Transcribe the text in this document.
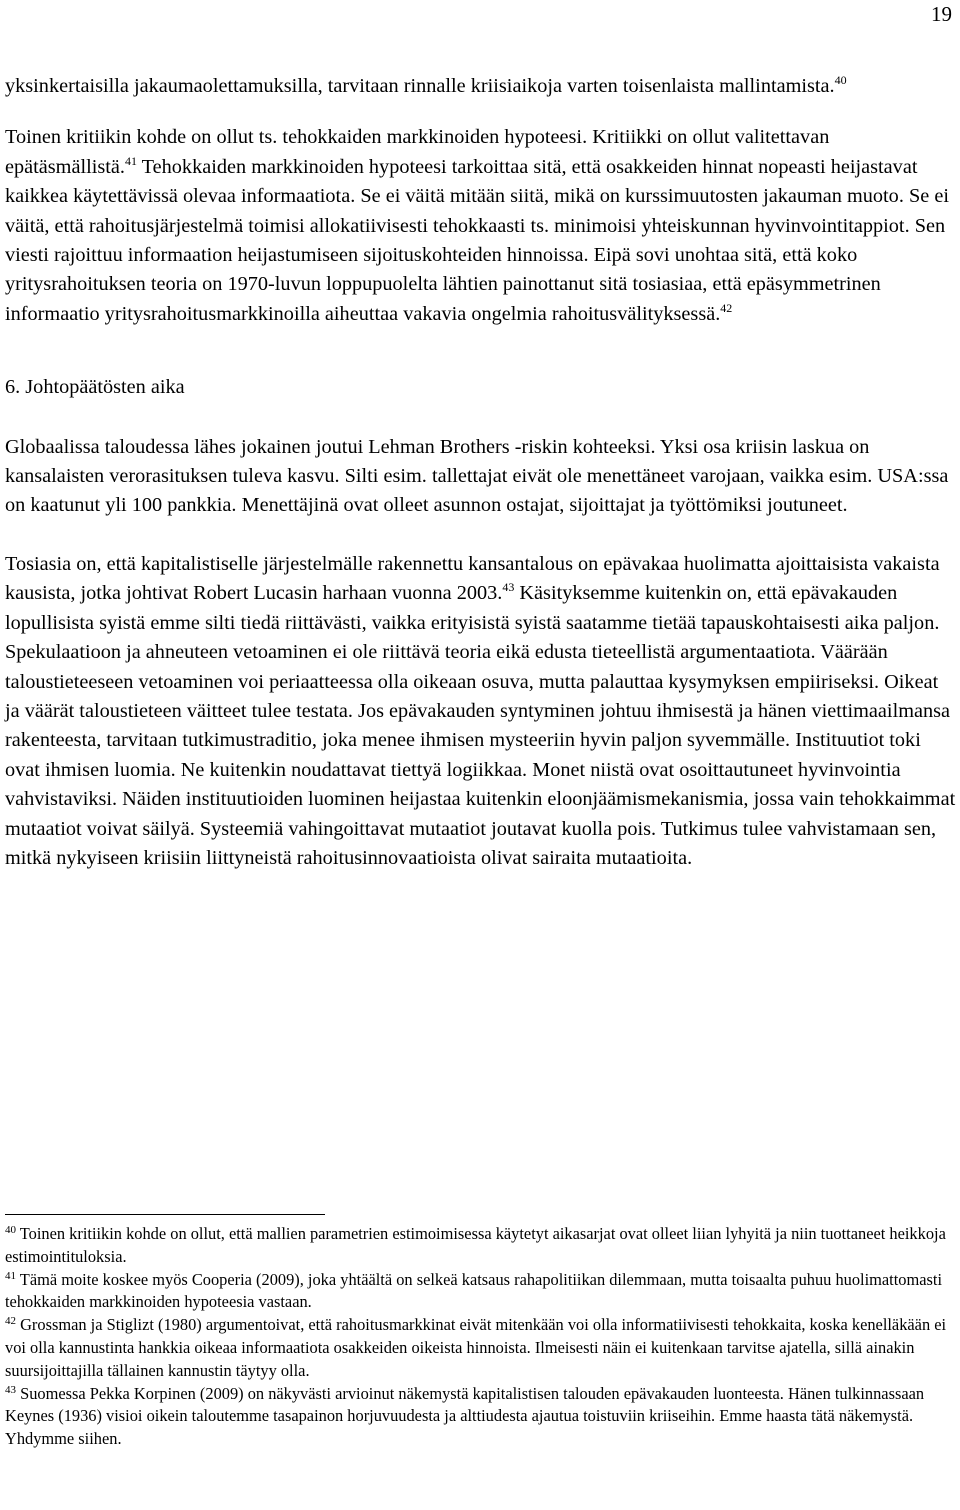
19

yksinkertaisilla jakaumaolettamuksilla, tarvitaan rinnalle kriisiaikoja varten toisenlaista mallintamista.$^{40}$

Toinen kritiikin kohde on ollut ts. tehokkaiden markkinoiden hypoteesi. Kritiikki on ollut valitettavan epätäsmällistä.$^{41}$ Tehokkaiden markkinoiden hypoteesi tarkoittaa sitä, että osakkeiden hinnat nopeasti heijastavat kaikkea käytettävissä olevaa informaatiota. Se ei väitä mitään siitä, mikä on kurssimuutosten jakauman muoto. Se ei väitä, että rahoitusjärjestelmä toimisi allokatiivisesti tehokkaasti ts. minimoisi yhteiskunnan hyvinvointitappiot. Sen viesti rajoittuu informaation heijastumiseen sijoituskohteiden hinnoissa. Eipä sovi unohtaa sitä, että koko yritysrahoituksen teoria on 1970-luvun loppupuolelta lähtien painottanut sitä tosiasiaa, että epäsymmetrinen informaatio yritysrahoitusmarkkinoilla aiheuttaa vakavia ongelmia rahoitusvälityksessä.$^{42}$

6. Johtopäätösten aika

Globaalissa taloudessa lähes jokainen joutui Lehman Brothers -riskin kohteeksi. Yksi osa kriisin laskua on kansalaisten verorasituksen tuleva kasvu. Silti esim. tallettajat eivät ole menettäneet varojaan, vaikka esim. USA:ssa on kaatunut yli 100 pankkia. Menettäjinä ovat olleet asunnon ostajat, sijoittajat ja työttömiksi joutuneet.

Tosiasia on, että kapitalistiselle järjestelmälle rakennettu kansantalous on epävakaa huolimatta ajoittaisista vakaista kausista, jotka johtivat Robert Lucasin harhaan vuonna 2003.43 Käsityksemme kuitenkin on, että epävakauden lopullisista syistä emme silti tiedä riittävästi, vaikka erityisistä syistä saatamme tietää tapauskohtaisesti aika paljon. Spekulaatioon ja ahneuteen vetoaminen ei ole riittävä teoria eikä edusta tieteellistä argumentaatiota. Väärään taloustieteeseen vetoaminen voi periaatteessa olla oikeaan osuva, mutta palauttaa kysymyksen empiiriseksi. Oikeat ja väärät taloustieteen väitteet tulee testata. Jos epävakauden syntyminen johtuu ihmisestä ja hänen viettimaailmansa rakenteesta, tarvitaan tutkimustraditio, joka menee ihmisen mysteeriin hyvin paljon syvemmälle. Instituutiot toki ovat ihmisen luomia. Ne kuitenkin noudattavat tiettyä logiikkaa. Monet niistä ovat osoittautuneet hyvinvointia vahvistaviksi. Näiden instituutioiden luominen heijastaa kuitenkin eloonjäämismekanismia, jossa vain tehokkaimmat mutaatiot voivat säilyä. Systeemiä vahingoittavat mutaatiot joutavat kuolla pois. Tutkimus tulee vahvistamaan sen, mitkä nykyiseen kriisiin liittyneistä rahoitusinnovaatioista olivat sairaita mutaatioita.

$^{40}$ Toinen kritiikin kohde on ollut, että mallien parametrien estimoimisessa käytetyt aikasarjat ovat olleet liian lyhyitä ja niin tuottaneet heikkoja estimointituloksia.

$^{41}$ Tämä moite koskee myös Cooperia (2009), joka yhtäältä on selkeä katsaus rahapolitiikan dilemmaan, mutta toisaalta puhuu huolimattomasti tehokkaiden markkinoiden hypoteesia vastaan.

$^{42}$ Grossman ja Stiglizt (1980) argumentoivat, että rahoitusmarkkinat eivät mitenkään voi olla informatiivisesti tehokkaita, koska kenelläkään ei voi olla kannustinta hankkia oikeaa informaatiota osakkeiden oikeista hinnoista. Ilmeisesti näin ei kuitenkaan tarvitse ajatella, sillä ainakin suursijoittajilla tällainen kannustin täytyy olla.

$^{43}$ Suomessa Pekka Korpinen (2009) on näkyvästi arvioinut näkemystä kapitalistisen talouden epävakauden luonteesta. Hänen tulkinnassaan Keynes (1936) visioi oikein taloutemme tasapainon horjuvuudesta ja alttiudesta ajautua toistuviin kriiseihin. Emme haasta tätä näkemystä. Yhdymme siihen.
